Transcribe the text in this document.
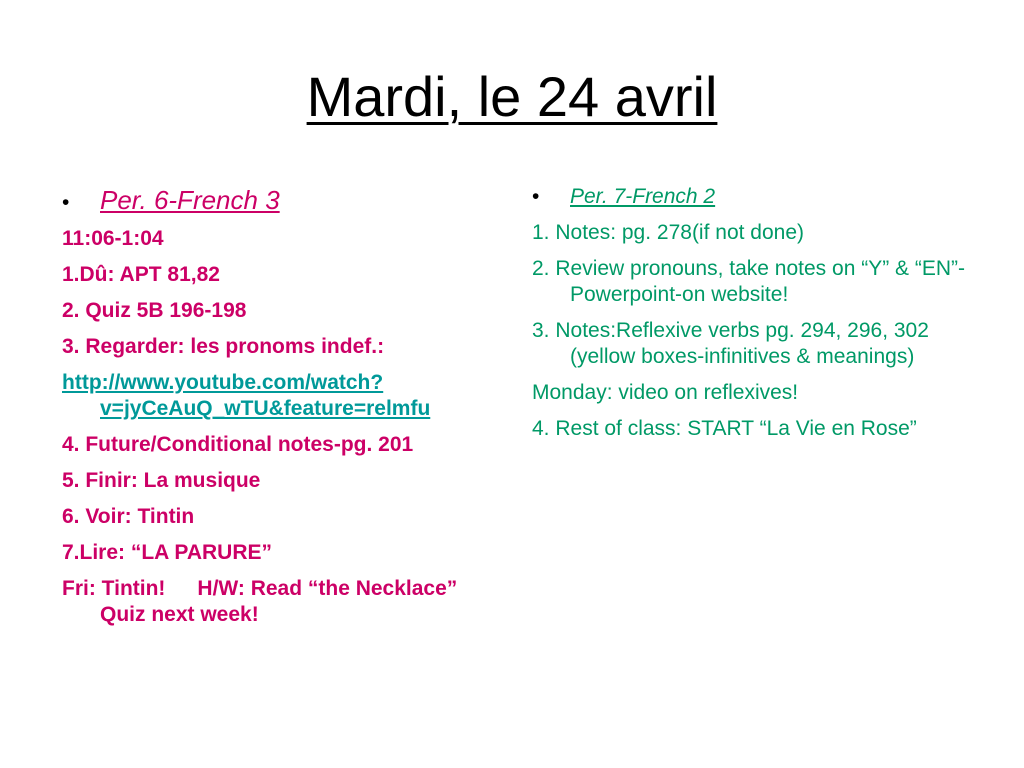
Mardi, le 24 avril
•	Per. 6-French 3
11:06-1:04
1.Dû: APT 81,82
2. Quiz 5B 196-198
3. Regarder: les pronoms indef.:
http://www.youtube.com/watch?v=jyCeAuQ_wTU&feature=relmfu
4. Future/Conditional notes-pg. 201
5. Finir: La musique
6. Voir: Tintin
7.Lire: “LA PARURE”
Fri: Tintin! H/W: Read “the Necklace” Quiz next week!
•	Per. 7-French 2
1. Notes: pg. 278(if not done)
2. Review pronouns, take notes on “Y” & “EN”-Powerpoint-on website!
3. Notes:Reflexive verbs pg. 294, 296, 302 (yellow boxes-infinitives & meanings)
Monday: video on reflexives!
4. Rest of class: START “La Vie en Rose”
